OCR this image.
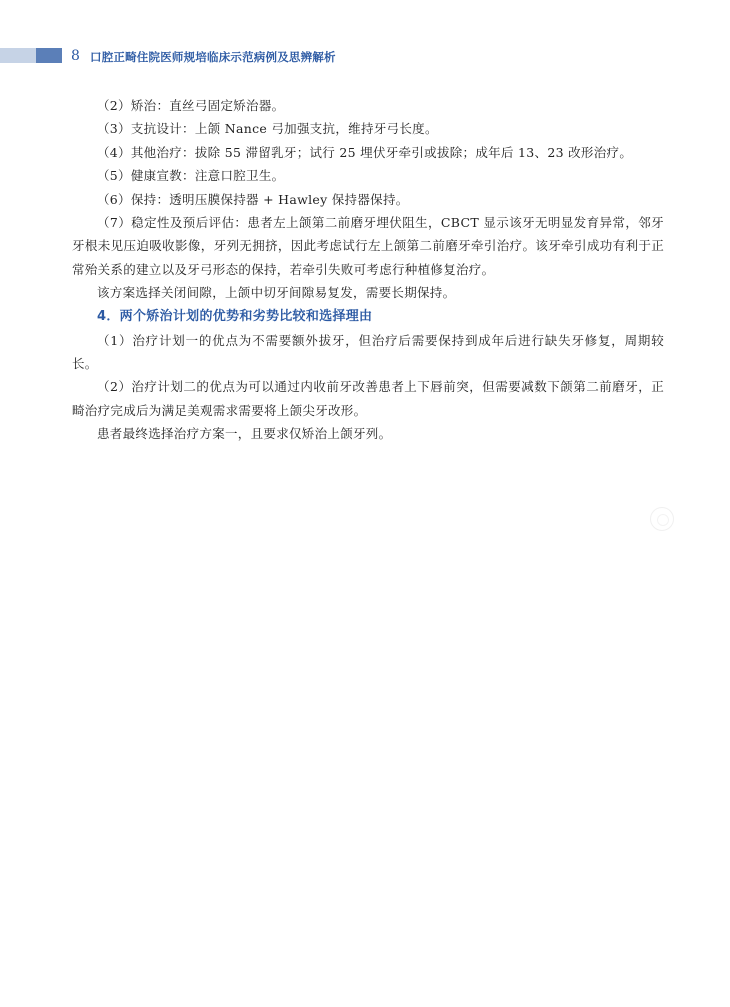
8 口腔正畸住院医师规培临床示范病例及思辨解析

（2）矫治：直丝弓固定矫治器。

（3）支抗设计：上颌 Nance 弓加强支抗，维持牙弓长度。

（4）其他治疗：拔除 55 滞留乳牙；试行 25 埋伏牙牵引或拔除；成年后 13、23 改形治疗。

（5）健康宣教：注意口腔卫生。

（6）保持：透明压膜保持器 + Hawley 保持器保持。

（7）稳定性及预后评估：患者左上颌第二前磨牙埋伏阻生，CBCT 显示该牙无明显发育异常，邻牙牙根未见压迫吸收影像，牙列无拥挤，因此考虑试行左上颌第二前磨牙牵引治疗。该牙牵引成功有利于正常殆关系的建立以及牙弓形态的保持，若牵引失败可考虑行种植修复治疗。

该方案选择关闭间隙，上颌中切牙间隙易复发，需要长期保持。

4．两个矫治计划的优势和劣势比较和选择理由

（1）治疗计划一的优点为不需要额外拔牙，但治疗后需要保持到成年后进行缺失牙修复，周期较长。

（2）治疗计划二的优点为可以通过内收前牙改善患者上下唇前突，但需要减数下颌第二前磨牙，正畸治疗完成后为满足美观需求需要将上颌尖牙改形。

患者最终选择治疗方案一，且要求仅矫治上颌牙列。
